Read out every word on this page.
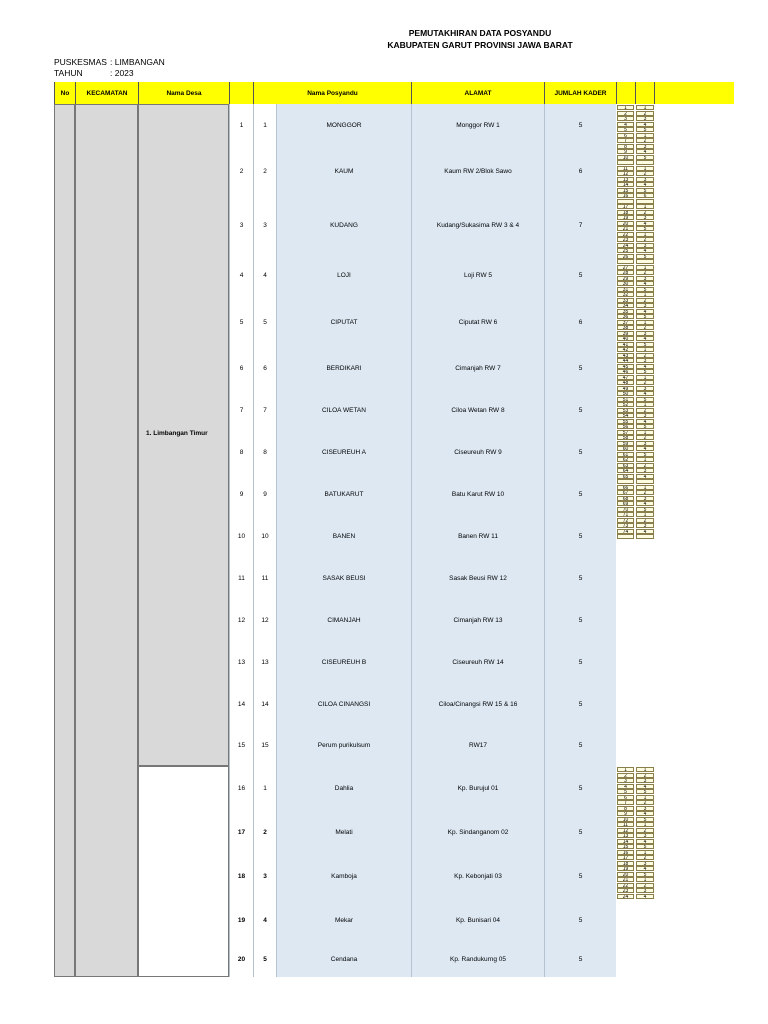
PEMUTAKHIRAN DATA POSYANDU
KABUPATEN GARUT PROVINSI JAWA BARAT
PUSKESMAS : LIMBANGAN
TAHUN	: 2023
No	KECAMATAN	Nama Desa	Nama Posyandu	ALAMAT	JUMLAH KADER
1. Limbangan Timur
1	1	MONGGOR	Monggor RW 1	5
2	2	KAUM	Kaum RW 2/Blok Sawo	6
3	3	KUDANG	Kudang/Sukasima RW 3 & 4	7
4	4	LOJI	Loji RW 5	5
5	5	CIPUTAT	Ciputat RW 6	6
6	6	BERDIKARI	Cimanjah RW 7	5
7	7	CILOA WETAN	Ciloa Wetan RW 8	5
8	8	CISEUREUH A	Ciseureuh RW 9	5
9	9	BATUKARUT	Batu Karut RW 10	5
10	10	BANEN	Banen RW 11	5
11	11	SASAK BEUSI	Sasak Beusi RW 12	5
12	12	CIMANJAH	Cimanjah RW 13	5
13	13	CISEUREUH B	Ciseureuh RW 14	5
14	14	CILOA CINANGSI	Ciloa/Cinangsi RW 15 & 16	5
15	15	Perum purikulsum	RW17	5
16	1	Dahlia	Kp. Burujul 01	5
17	2	Melati	Kp. Sindanganom 02	5
18	3	Kamboja	Kp. Kebonjati 03	5
19	4	Mekar	Kp. Bunisari 04	5
20	5	Cendana	Kp. Randukurng 05	5
1	1
2	2
3	3
4	4
5	5
6	1
7	2
8	3
9	4
10	5
11	1
12	2
13	3
14	4
15	5
16	6
17	1
18	2
19	3
20	4
21	5
22	1
23	2
24	3
25	4
26	5
27	1
28	2
29	3
30	4
31	5
32	1
33	2
34	3
35	4
36	5
37	1
38	2
39	3
40	4
41	5
42	1
43	2
44	3
45	4
46	5
47	1
48	2
49	3
50	4
51	5
52	1
53	2
54	3
55	4
56	5
57	1
58	2
59	3
60	4
61	5
62	1
63	2
64	3
65	4
66	1
67	2
68	3
69	4
70	5
71	1
72	2
73	3
74	4
1	1
2	2
3	3
4	4
5	5
6	1
7	2
8	3
9	4
10	5
11	1
12	2
13	3
14	4
15	5
16	1
17	2
18	3
19	4
20	5
21	1
22	2
23	3
24	4
